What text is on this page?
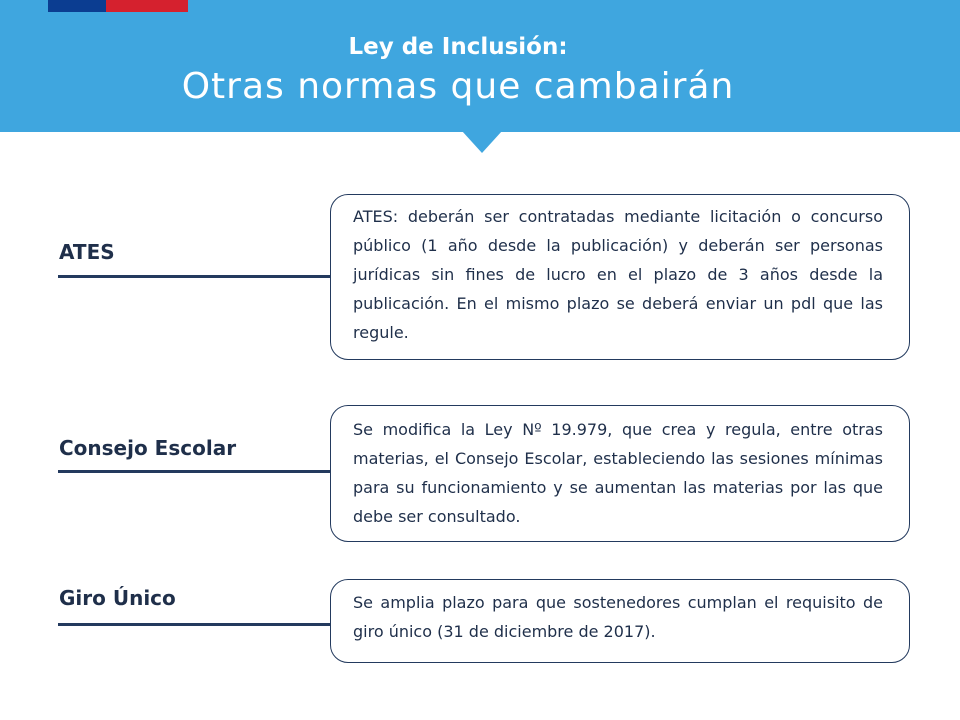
Ley de Inclusión:
Otras normas que cambairán
ATES
ATES: deberán ser contratadas mediante licitación o concurso público (1 año desde la publicación) y deberán ser personas jurídicas sin fines de lucro en el plazo de 3 años desde la publicación. En el mismo plazo se deberá enviar un pdl que las regule.
Consejo Escolar
Se modifica la Ley Nº 19.979, que crea y regula, entre otras materias, el Consejo Escolar, estableciendo las sesiones mínimas para su funcionamiento y se aumentan las materias por las que debe ser consultado.
Giro Único	Se amplia plazo para que sostenedores cumplan el requisito de giro único (31 de diciembre de 2017).
